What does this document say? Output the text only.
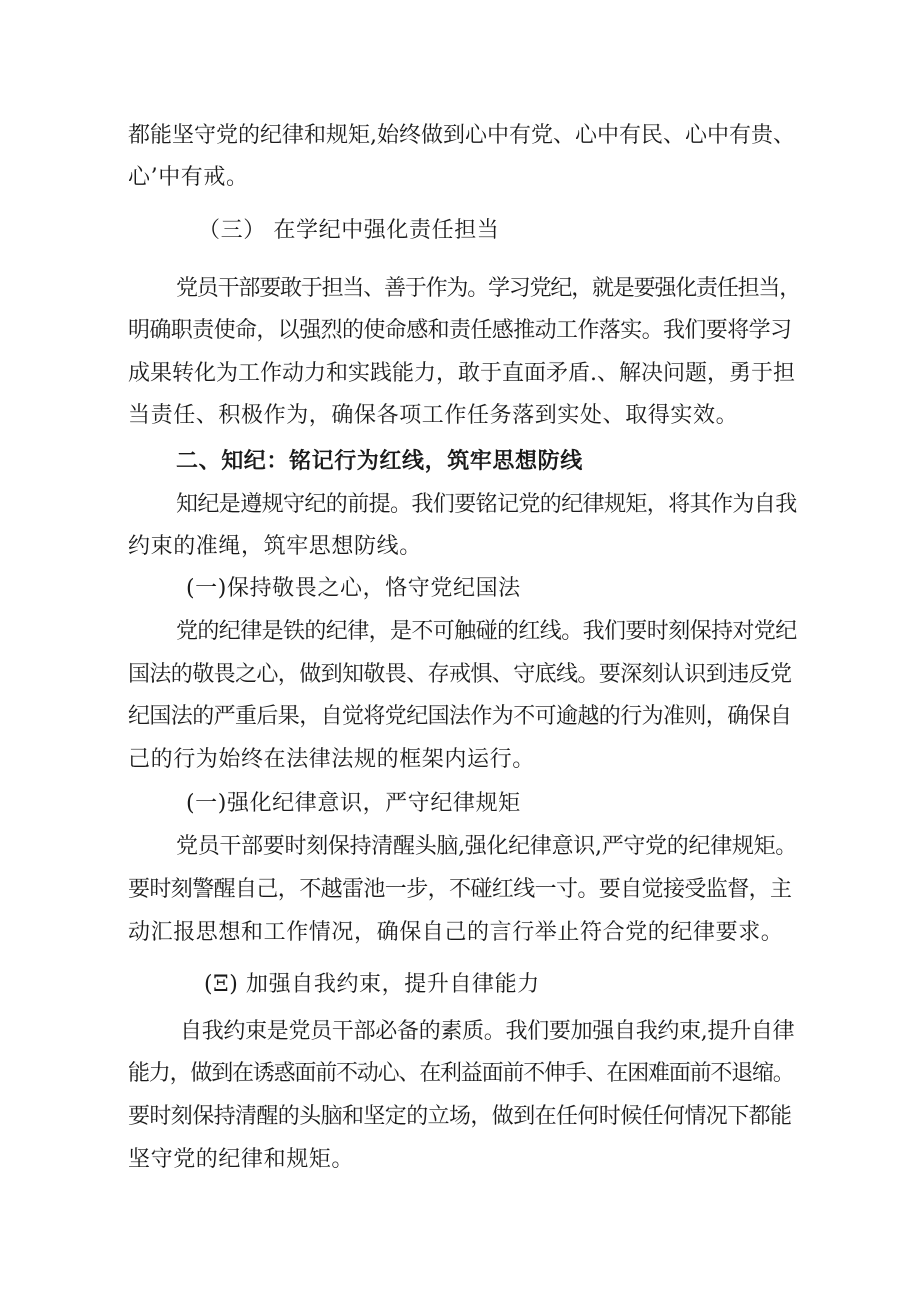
都能坚守党的纪律和规矩,始终做到心中有党、心中有民、心中有贵、
心’中有戒。
（三） 在学纪中强化责任担当
党员干部要敢于担当、善于作为。学习党纪，就是要强化责任担当，
明确职责使命，以强烈的使命感和责任感推动工作落实。我们要将学习
成果转化为工作动力和实践能力，敢于直面矛盾.、解决问题，勇于担
当责任、积极作为，确保各项工作任务落到实处、取得实效。
二、知纪：铭记行为红线，筑牢思想防线
知纪是遵规守纪的前提。我们要铭记党的纪律规矩，将其作为自我
约束的准绳，筑牢思想防线。
(一)保持敬畏之心，恪守党纪国法
党的纪律是铁的纪律，是不可触碰的红线。我们要时刻保持对党纪
国法的敬畏之心，做到知敬畏、存戒惧、守底线。要深刻认识到违反党
纪国法的严重后果，自觉将党纪国法作为不可逾越的行为准则，确保自
己的行为始终在法律法规的框架内运行。
(一)强化纪律意识，严守纪律规矩
党员干部要时刻保持清醒头脑,强化纪律意识,严守党的纪律规矩。
要时刻警醒自己，不越雷池一步，不碰红线一寸。要自觉接受监督，主
动汇报思想和工作情况，确保自己的言行举止符合党的纪律要求。
(Ξ) 加强自我约束，提升自律能力
自我约束是党员干部必备的素质。我们要加强自我约束,提升自律
能力，做到在诱惑面前不动心、在利益面前不伸手、在困难面前不退缩。
要时刻保持清醒的头脑和坚定的立场，做到在任何时候任何情况下都能
坚守党的纪律和规矩。
